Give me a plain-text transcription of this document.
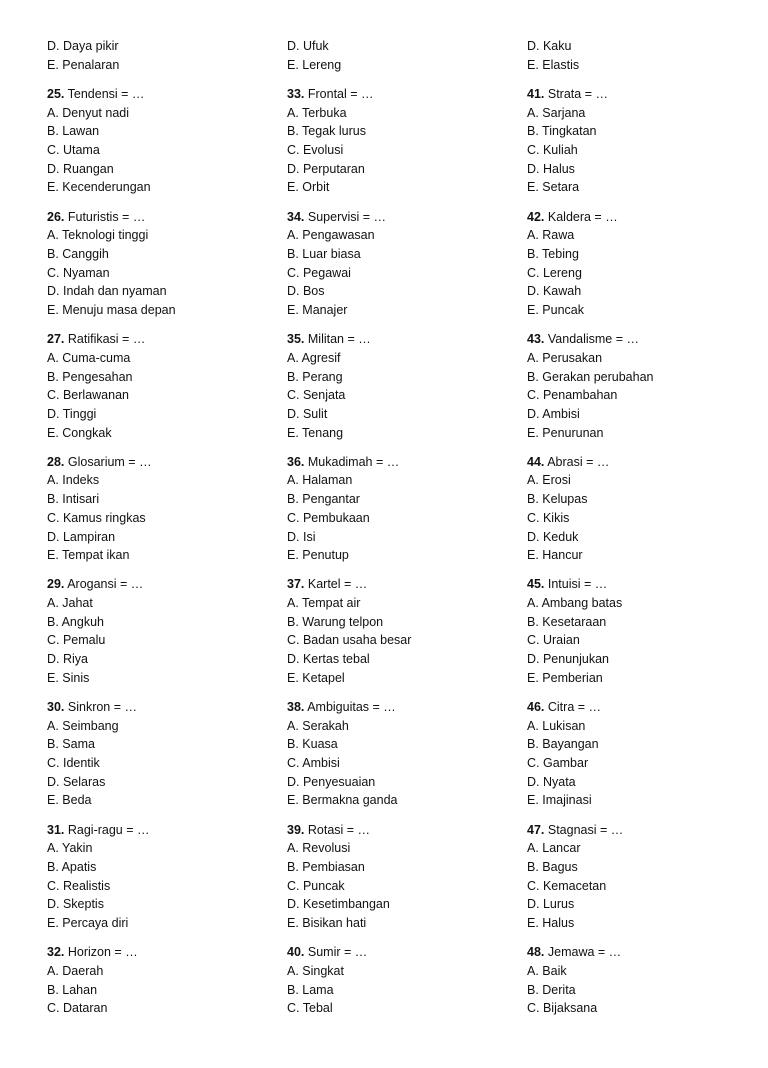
D. Daya pikir
E. Penalaran
25. Tendensi = …
A. Denyut nadi
B. Lawan
C. Utama
D. Ruangan
E. Kecenderungan
26. Futuristis = …
A. Teknologi tinggi
B. Canggih
C. Nyaman
D. Indah dan nyaman
E. Menuju masa depan
27. Ratifikasi = …
A. Cuma-cuma
B. Pengesahan
C. Berlawanan
D. Tinggi
E. Congkak
28. Glosarium = …
A. Indeks
B. Intisari
C. Kamus ringkas
D. Lampiran
E. Tempat ikan
29. Arogansi = …
A. Jahat
B. Angkuh
C. Pemalu
D. Riya
E. Sinis
30. Sinkron = …
A. Seimbang
B. Sama
C. Identik
D. Selaras
E. Beda
31. Ragi-ragu = …
A. Yakin
B. Apatis
C. Realistis
D. Skeptis
E. Percaya diri
32. Horizon = …
A. Daerah
B. Lahan
C. Dataran
D. Ufuk
E. Lereng
33. Frontal = …
A. Terbuka
B. Tegak lurus
C. Evolusi
D. Perputaran
E. Orbit
34. Supervisi = …
A. Pengawasan
B. Luar biasa
C. Pegawai
D. Bos
E. Manajer
35. Militan = …
A. Agresif
B. Perang
C. Senjata
D. Sulit
E. Tenang
36. Mukadimah = …
A. Halaman
B. Pengantar
C. Pembukaan
D. Isi
E. Penutup
37. Kartel = …
A. Tempat air
B. Warung telpon
C. Badan usaha besar
D. Kertas tebal
E. Ketapel
38. Ambiguitas = …
A. Serakah
B. Kuasa
C. Ambisi
D. Penyesuaian
E. Bermakna ganda
39. Rotasi = …
A. Revolusi
B. Pembiasan
C. Puncak
D. Kesetimbangan
E. Bisikan hati
40. Sumir = …
A. Singkat
B. Lama
C. Tebal
D. Kaku
E. Elastis
41. Strata = …
A. Sarjana
B. Tingkatan
C. Kuliah
D. Halus
E. Setara
42. Kaldera = …
A. Rawa
B. Tebing
C. Lereng
D. Kawah
E. Puncak
43. Vandalisme = …
A. Perusakan
B. Gerakan perubahan
C. Penambahan
D. Ambisi
E. Penurunan
44. Abrasi = …
A. Erosi
B. Kelupas
C. Kikis
D. Keduk
E. Hancur
45. Intuisi = …
A. Ambang batas
B. Kesetaraan
C. Uraian
D. Penunjukan
E. Pemberian
46. Citra = …
A. Lukisan
B. Bayangan
C. Gambar
D. Nyata
E. Imajinasi
47. Stagnasi = …
A. Lancar
B. Bagus
C. Kemacetan
D. Lurus
E. Halus
48. Jemawa = …
A. Baik
B. Derita
C. Bijaksana
